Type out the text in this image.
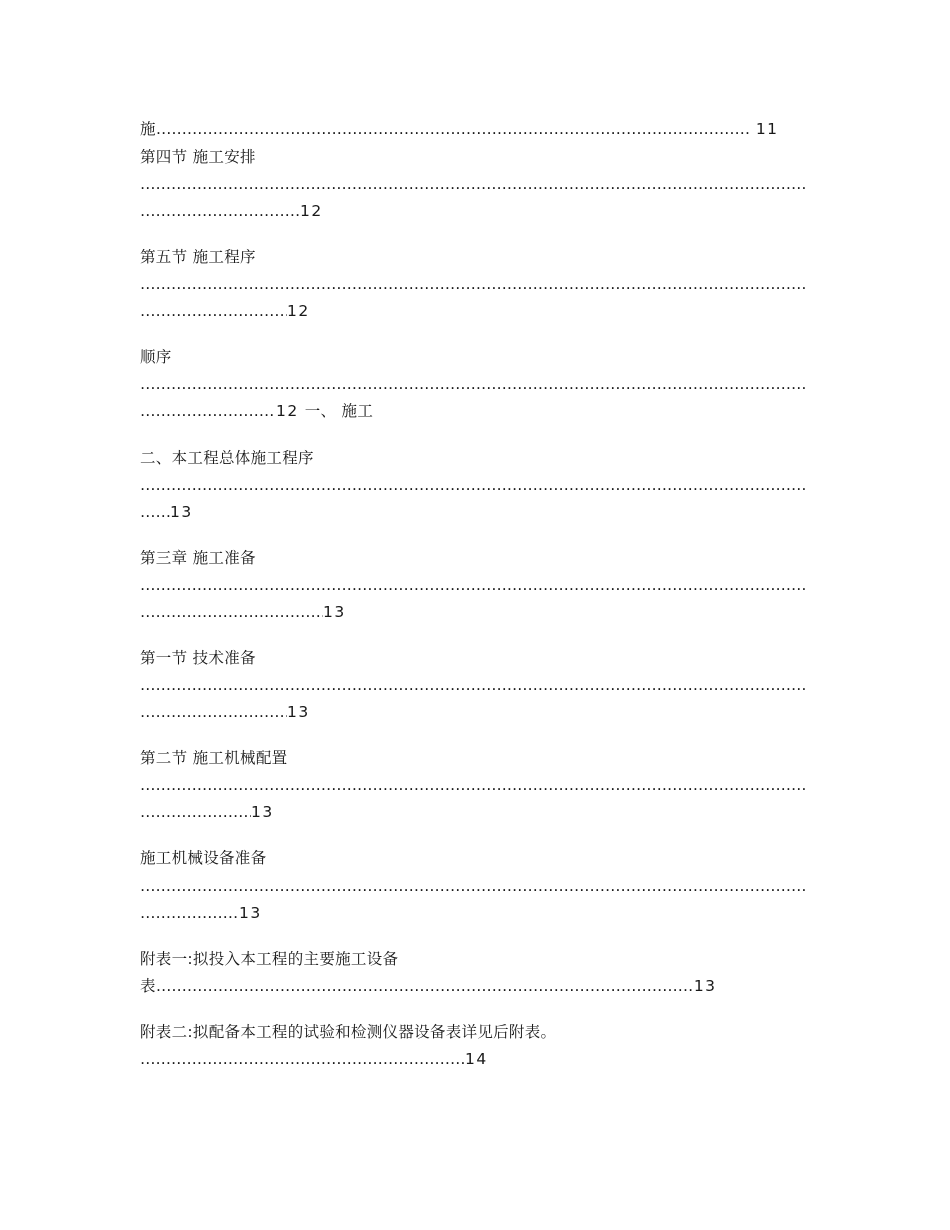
施 …………………………………………………………………………………………………………………………………………………………………………………………………………………………………………………………………………	11
第四节 施工安排
…………………………………………………………………………………………………………………………………………………………………………………………………………………………………………………………………………
…………………………………………………………………………………………………………………………………………………………………………………………………………………………………………………………………………12
第五节 施工程序
…………………………………………………………………………………………………………………………………………………………………………………………………………………………………………………………………………
…………………………………………………………………………………………………………………………………………………………………………………………………………………………………………………………………………12
顺序
…………………………………………………………………………………………………………………………………………………………………………………………………………………………………………………………………………
…………………………………………………………………………………………………………………………………………………………………………………………………………………………………………………………………………12 一、 施工
二、本工程总体施工程序
…………………………………………………………………………………………………………………………………………………………………………………………………………………………………………………………………………
…………………………………………………………………………………………………………………………………………………………………………………………………………………………………………………………………………13
第三章 施工准备
…………………………………………………………………………………………………………………………………………………………………………………………………………………………………………………………………………
…………………………………………………………………………………………………………………………………………………………………………………………………………………………………………………………………………13
第一节 技术准备
…………………………………………………………………………………………………………………………………………………………………………………………………………………………………………………………………………
…………………………………………………………………………………………………………………………………………………………………………………………………………………………………………………………………………13
第二节 施工机械配置
…………………………………………………………………………………………………………………………………………………………………………………………………………………………………………………………………………
…………………………………………………………………………………………………………………………………………………………………………………………………………………………………………………………………………13
施工机械设备准备
…………………………………………………………………………………………………………………………………………………………………………………………………………………………………………………………………………
…………………………………………………………………………………………………………………………………………………………………………………………………………………………………………………………………………13
附表一:拟投入本工程的主要施工设备
表 …………………………………………………………………………………………………………………………………………………………………………………………………………………………………………………………………………	13
附表二:拟配备本工程的试验和检测仪器设备表详见后附表。
…………………………………………………………………………………………………………………………………………………………………………………………………………………………………………………………………………14
